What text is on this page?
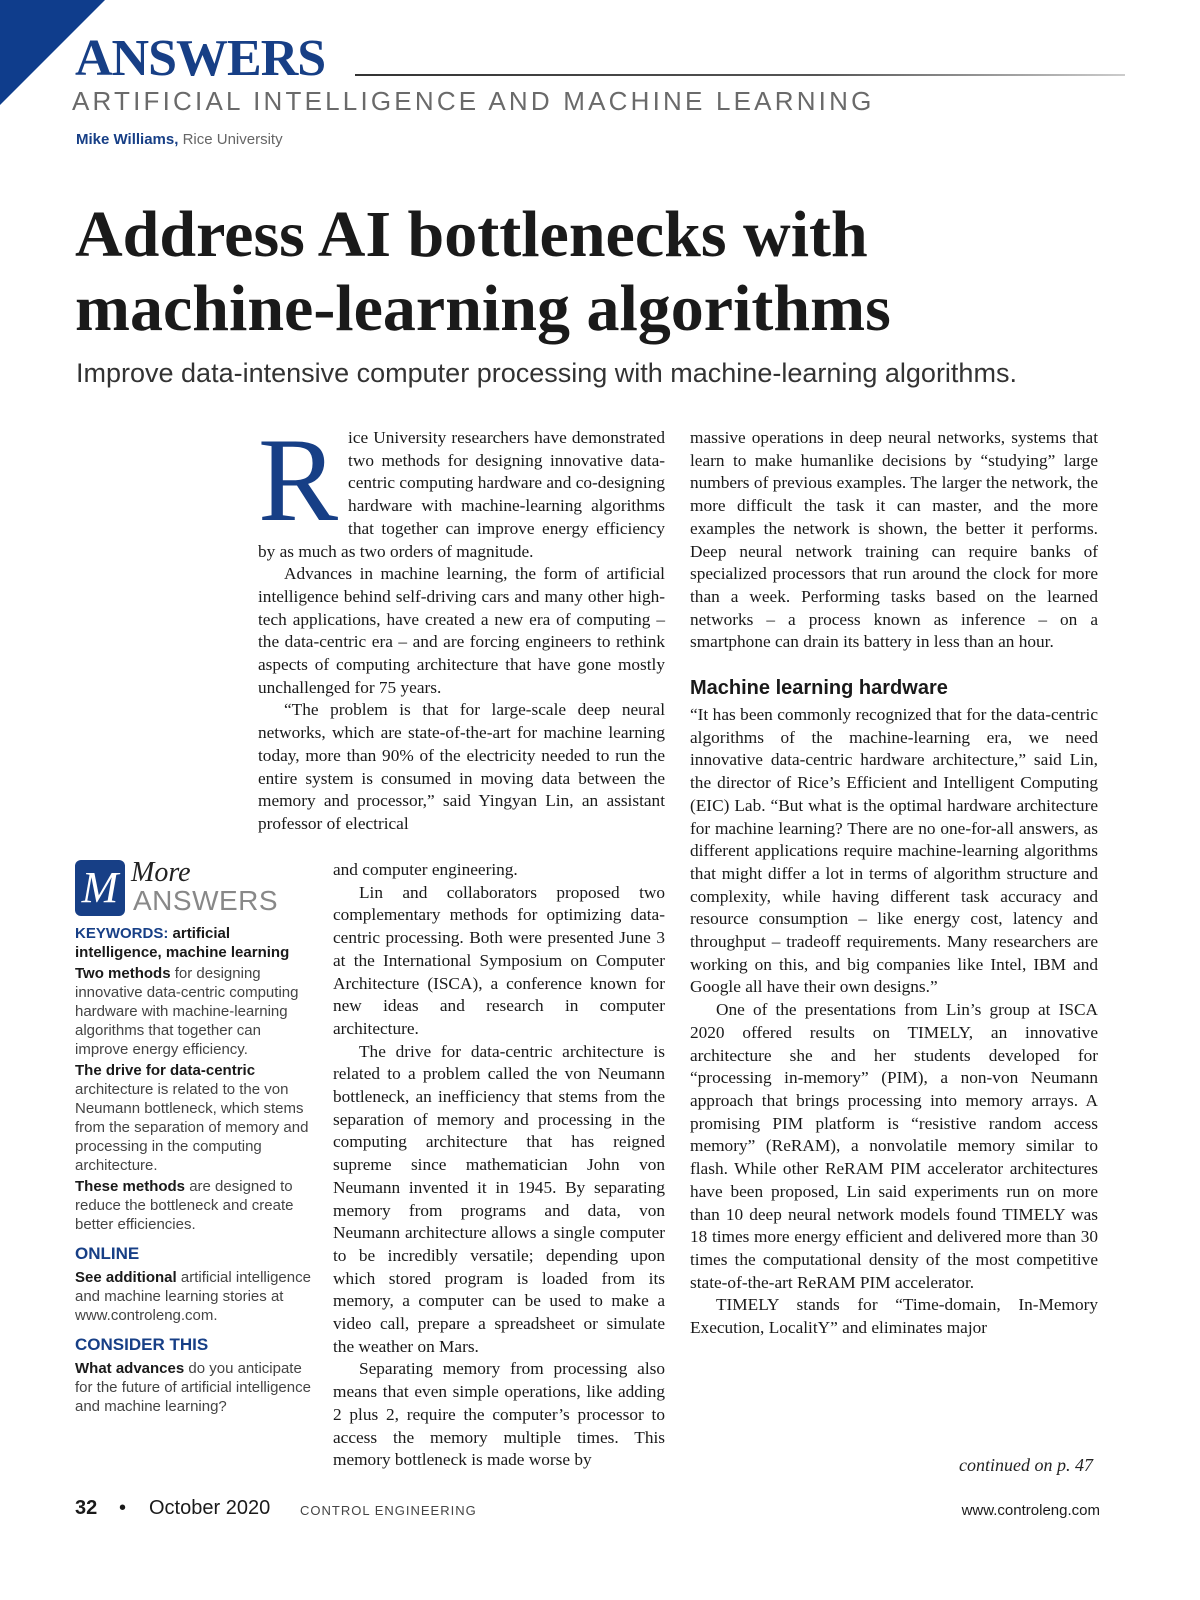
ANSWERS
ARTIFICIAL INTELLIGENCE AND MACHINE LEARNING
Mike Williams, Rice University
Address AI bottlenecks with machine-learning algorithms
Improve data-intensive computer processing with machine-learning algorithms.

Rice University researchers have demonstrated two methods for designing innovative data-centric computing hardware and co-designing hardware with machine-learning algorithms that together can improve energy efficiency by as much as two orders of magnitude.

Advances in machine learning, the form of artificial intelligence behind self-driving cars and many other high-tech applications, have created a new era of computing – the data-centric era – and are forcing engineers to rethink aspects of computing architecture that have gone mostly unchallenged for 75 years.

“The problem is that for large-scale deep neural networks, which are state-of-the-art for machine learning today, more than 90% of the electricity needed to run the entire system is consumed in moving data between the memory and processor,” said Yingyan Lin, an assistant professor of electrical

and computer engineering.

Lin and collaborators proposed two complementary methods for optimizing data-centric processing. Both were presented June 3 at the International Symposium on Computer Architecture (ISCA), a conference known for new ideas and research in computer architecture.

The drive for data-centric architecture is related to a problem called the von Neumann bottleneck, an inefficiency that stems from the separation of memory and processing in the computing architecture that has reigned supreme since mathematician John von Neumann invented it in 1945. By separating memory from programs and data, von Neumann architecture allows a single computer to be incredibly versatile; depending upon which stored program is loaded from its memory, a computer can be used to make a video call, prepare a spreadsheet or simulate the weather on Mars.

Separating memory from processing also means that even simple operations, like adding 2 plus 2, require the computer’s processor to access the memory multiple times. This memory bottleneck is made worse by

massive operations in deep neural networks, systems that learn to make humanlike decisions by “studying” large numbers of previous examples. The larger the network, the more difficult the task it can master, and the more examples the network is shown, the better it performs. Deep neural network training can require banks of specialized processors that run around the clock for more than a week. Performing tasks based on the learned networks – a process known as inference – on a smartphone can drain its battery in less than an hour.

Machine learning hardware

“It has been commonly recognized that for the data-centric algorithms of the machine-learning era, we need innovative data-centric hardware architecture,” said Lin, the director of Rice’s Efficient and Intelligent Computing (EIC) Lab. “But what is the optimal hardware architecture for machine learning? There are no one-for-all answers, as different applications require machine-learning algorithms that might differ a lot in terms of algorithm structure and complexity, while having different task accuracy and resource consumption – like energy cost, latency and throughput – tradeoff requirements. Many researchers are working on this, and big companies like Intel, IBM and Google all have their own designs.”

One of the presentations from Lin’s group at ISCA 2020 offered results on TIMELY, an innovative architecture she and her students developed for “processing in-memory” (PIM), a non-von Neumann approach that brings processing into memory arrays. A promising PIM platform is “resistive random access memory” (ReRAM), a nonvolatile memory similar to flash. While other ReRAM PIM accelerator architectures have been proposed, Lin said experiments run on more than 10 deep neural network models found TIMELY was 18 times more energy efficient and delivered more than 30 times the computational density of the most competitive state-of-the-art ReRAM PIM accelerator.

TIMELY stands for “Time-domain, In-Memory Execution, LocalitY” and eliminates major

continued on p. 47
M More
ANSWERS

KEYWORDS: artificial intelligence, machine learning

Two methods for designing innovative data-centric computing hardware with machine-learning algorithms that together can improve energy efficiency.

The drive for data-centric architecture is related to the von Neumann bottleneck, which stems from the separation of memory and processing in the computing architecture.

These methods are designed to reduce the bottleneck and create better efficiencies.

ONLINE

See additional artificial intelligence and machine learning stories at www.controleng.com.

CONSIDER THIS

What advances do you anticipate for the future of artificial intelligence and machine learning?

32 • October 2020 CONTROL ENGINEERING	www.controleng.com
